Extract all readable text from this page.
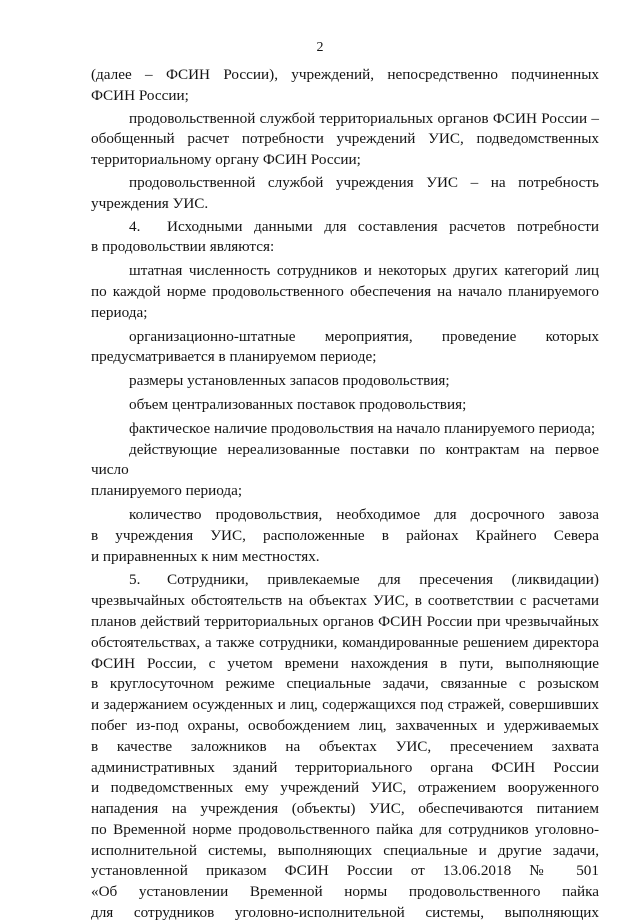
2
(далее – ФСИН России), учреждений, непосредственно подчиненных
ФСИН России;
продовольственной службой территориальных органов ФСИН России –
обобщенный расчет потребности учреждений УИС, подведомственных
территориальному органу ФСИН России;
продовольственной службой учреждения УИС – на потребность
учреждения УИС.
4. Исходными данными для составления расчетов потребности
в продовольствии являются:
штатная численность сотрудников и некоторых других категорий лиц
по каждой норме продовольственного обеспечения на начало планируемого
периода;
организационно-штатные мероприятия, проведение которых
предусматривается в планируемом периоде;
размеры установленных запасов продовольствия;
объем централизованных поставок продовольствия;
фактическое наличие продовольствия на начало планируемого периода;
действующие нереализованные поставки по контрактам на первое число
планируемого периода;
количество продовольствия, необходимое для досрочного завоза
в учреждения УИС, расположенные в районах Крайнего Севера
и приравненных к ним местностях.
5. Сотрудники, привлекаемые для пресечения (ликвидации)
чрезвычайных обстоятельств на объектах УИС, в соответствии с расчетами
планов действий территориальных органов ФСИН России при чрезвычайных
обстоятельствах, а также сотрудники, командированные решением директора
ФСИН России, с учетом времени нахождения в пути, выполняющие
в круглосуточном режиме специальные задачи, связанные с розыском
и задержанием осужденных и лиц, содержащихся под стражей, совершивших
побег из-под охраны, освобождением лиц, захваченных и удерживаемых
в качестве заложников на объектах УИС, пресечением захвата
административных зданий территориального органа ФСИН России
и подведомственных ему учреждений УИС, отражением вооруженного
нападения на учреждения (объекты) УИС, обеспечиваются питанием
по Временной норме продовольственного пайка для сотрудников уголовно-
исполнительной системы, выполняющих специальные и другие задачи,
установленной приказом ФСИН России от 13.06.2018 № 501
«Об установлении Временной нормы продовольственного пайка
для сотрудников уголовно-исполнительной системы, выполняющих
